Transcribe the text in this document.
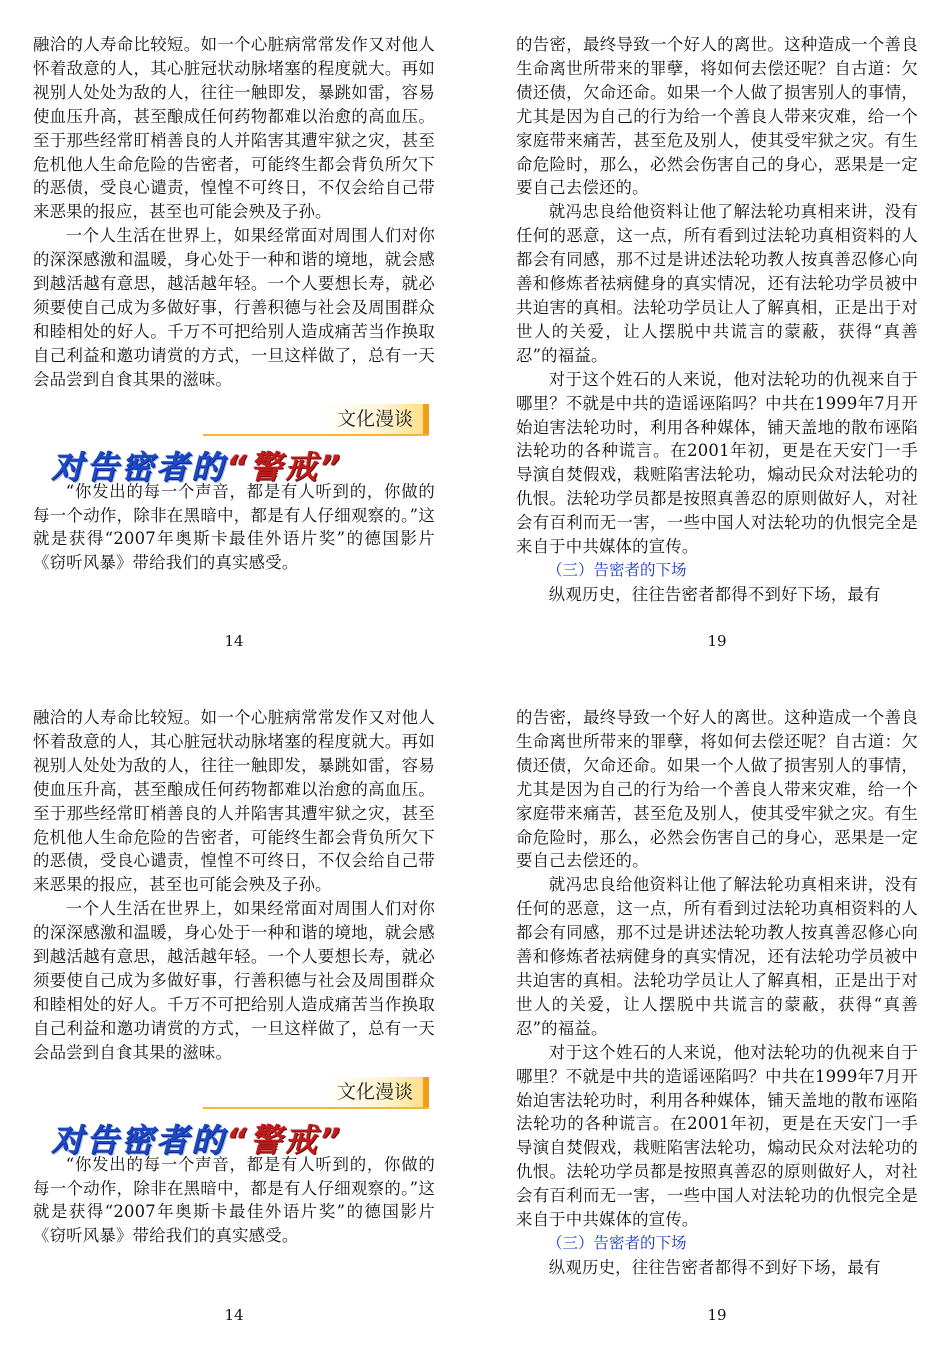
融洽的人寿命比较短。如一个心脏病常常发作又对他人怀着敌意的人，其心脏冠状动脉堵塞的程度就大。再如视别人处处为敌的人，往往一触即发，暴跳如雷，容易使血压升高，甚至酿成任何药物都难以治愈的高血压。至于那些经常盯梢善良的人并陷害其遭牢狱之灾，甚至危机他人生命危险的告密者，可能终生都会背负所欠下的恶债，受良心谴责，惶惶不可终日，不仅会给自己带来恶果的报应，甚至也可能会殃及子孙。

一个人生活在世界上，如果经常面对周围人们对你的深深感激和温暖，身心处于一种和谐的境地，就会感到越活越有意思，越活越年轻。一个人要想长寿，就必须要使自己成为多做好事，行善积德与社会及周围群众和睦相处的好人。千万不可把给别人造成痛苦当作换取自己利益和邀功请赏的方式，一旦这样做了，总有一天会品尝到自食其果的滋味。

文化漫谈
对告密者的“警戒”

“你发出的每一个声音，都是有人听到的，你做的每一个动作，除非在黑暗中，都是有人仔细观察的。”这就是获得“2007年奥斯卡最佳外语片奖”的德国影片《窃听风暴》带给我们的真实感受。

14

的告密，最终导致一个好人的离世。这种造成一个善良生命离世所带来的罪孽，将如何去偿还呢？自古道：欠债还债，欠命还命。如果一个人做了损害别人的事情，尤其是因为自己的行为给一个善良人带来灾难，给一个家庭带来痛苦，甚至危及别人，使其受牢狱之灾。有生命危险时，那么，必然会伤害自己的身心，恶果是一定要自己去偿还的。

就冯忠良给他资料让他了解法轮功真相来讲，没有任何的恶意，这一点，所有看到过法轮功真相资料的人都会有同感，那不过是讲述法轮功教人按真善忍修心向善和修炼者祛病健身的真实情况，还有法轮功学员被中共迫害的真相。法轮功学员让人了解真相，正是出于对世人的关爱，让人摆脱中共谎言的蒙蔽，获得“真善忍”的福益。

对于这个姓石的人来说，他对法轮功的仇视来自于哪里？不就是中共的造谣诬陷吗？中共在1999年7月开始迫害法轮功时，利用各种媒体，铺天盖地的散布诬陷法轮功的各种谎言。在2001年初，更是在天安门一手导演自焚假戏，栽赃陷害法轮功，煽动民众对法轮功的仇恨。法轮功学员都是按照真善忍的原则做好人，对社会有百利而无一害，一些中国人对法轮功的仇恨完全是来自于中共媒体的宣传。

（三）告密者的下场

纵观历史，往往告密者都得不到好下场，最有

19

融洽的人寿命比较短。如一个心脏病常常发作又对他人怀着敌意的人，其心脏冠状动脉堵塞的程度就大。再如视别人处处为敌的人，往往一触即发，暴跳如雷，容易使血压升高，甚至酿成任何药物都难以治愈的高血压。至于那些经常盯梢善良的人并陷害其遭牢狱之灾，甚至危机他人生命危险的告密者，可能终生都会背负所欠下的恶债，受良心谴责，惶惶不可终日，不仅会给自己带来恶果的报应，甚至也可能会殃及子孙。

一个人生活在世界上，如果经常面对周围人们对你的深深感激和温暖，身心处于一种和谐的境地，就会感到越活越有意思，越活越年轻。一个人要想长寿，就必须要使自己成为多做好事，行善积德与社会及周围群众和睦相处的好人。千万不可把给别人造成痛苦当作换取自己利益和邀功请赏的方式，一旦这样做了，总有一天会品尝到自食其果的滋味。

文化漫谈
对告密者的“警戒”

“你发出的每一个声音，都是有人听到的，你做的每一个动作，除非在黑暗中，都是有人仔细观察的。”这就是获得“2007年奥斯卡最佳外语片奖”的德国影片《窃听风暴》带给我们的真实感受。

14

的告密，最终导致一个好人的离世。这种造成一个善良生命离世所带来的罪孽，将如何去偿还呢？自古道：欠债还债，欠命还命。如果一个人做了损害别人的事情，尤其是因为自己的行为给一个善良人带来灾难，给一个家庭带来痛苦，甚至危及别人，使其受牢狱之灾。有生命危险时，那么，必然会伤害自己的身心，恶果是一定要自己去偿还的。

就冯忠良给他资料让他了解法轮功真相来讲，没有任何的恶意，这一点，所有看到过法轮功真相资料的人都会有同感，那不过是讲述法轮功教人按真善忍修心向善和修炼者祛病健身的真实情况，还有法轮功学员被中共迫害的真相。法轮功学员让人了解真相，正是出于对世人的关爱，让人摆脱中共谎言的蒙蔽，获得“真善忍”的福益。

对于这个姓石的人来说，他对法轮功的仇视来自于哪里？不就是中共的造谣诬陷吗？中共在1999年7月开始迫害法轮功时，利用各种媒体，铺天盖地的散布诬陷法轮功的各种谎言。在2001年初，更是在天安门一手导演自焚假戏，栽赃陷害法轮功，煽动民众对法轮功的仇恨。法轮功学员都是按照真善忍的原则做好人，对社会有百利而无一害，一些中国人对法轮功的仇恨完全是来自于中共媒体的宣传。

（三）告密者的下场

纵观历史，往往告密者都得不到好下场，最有

19
